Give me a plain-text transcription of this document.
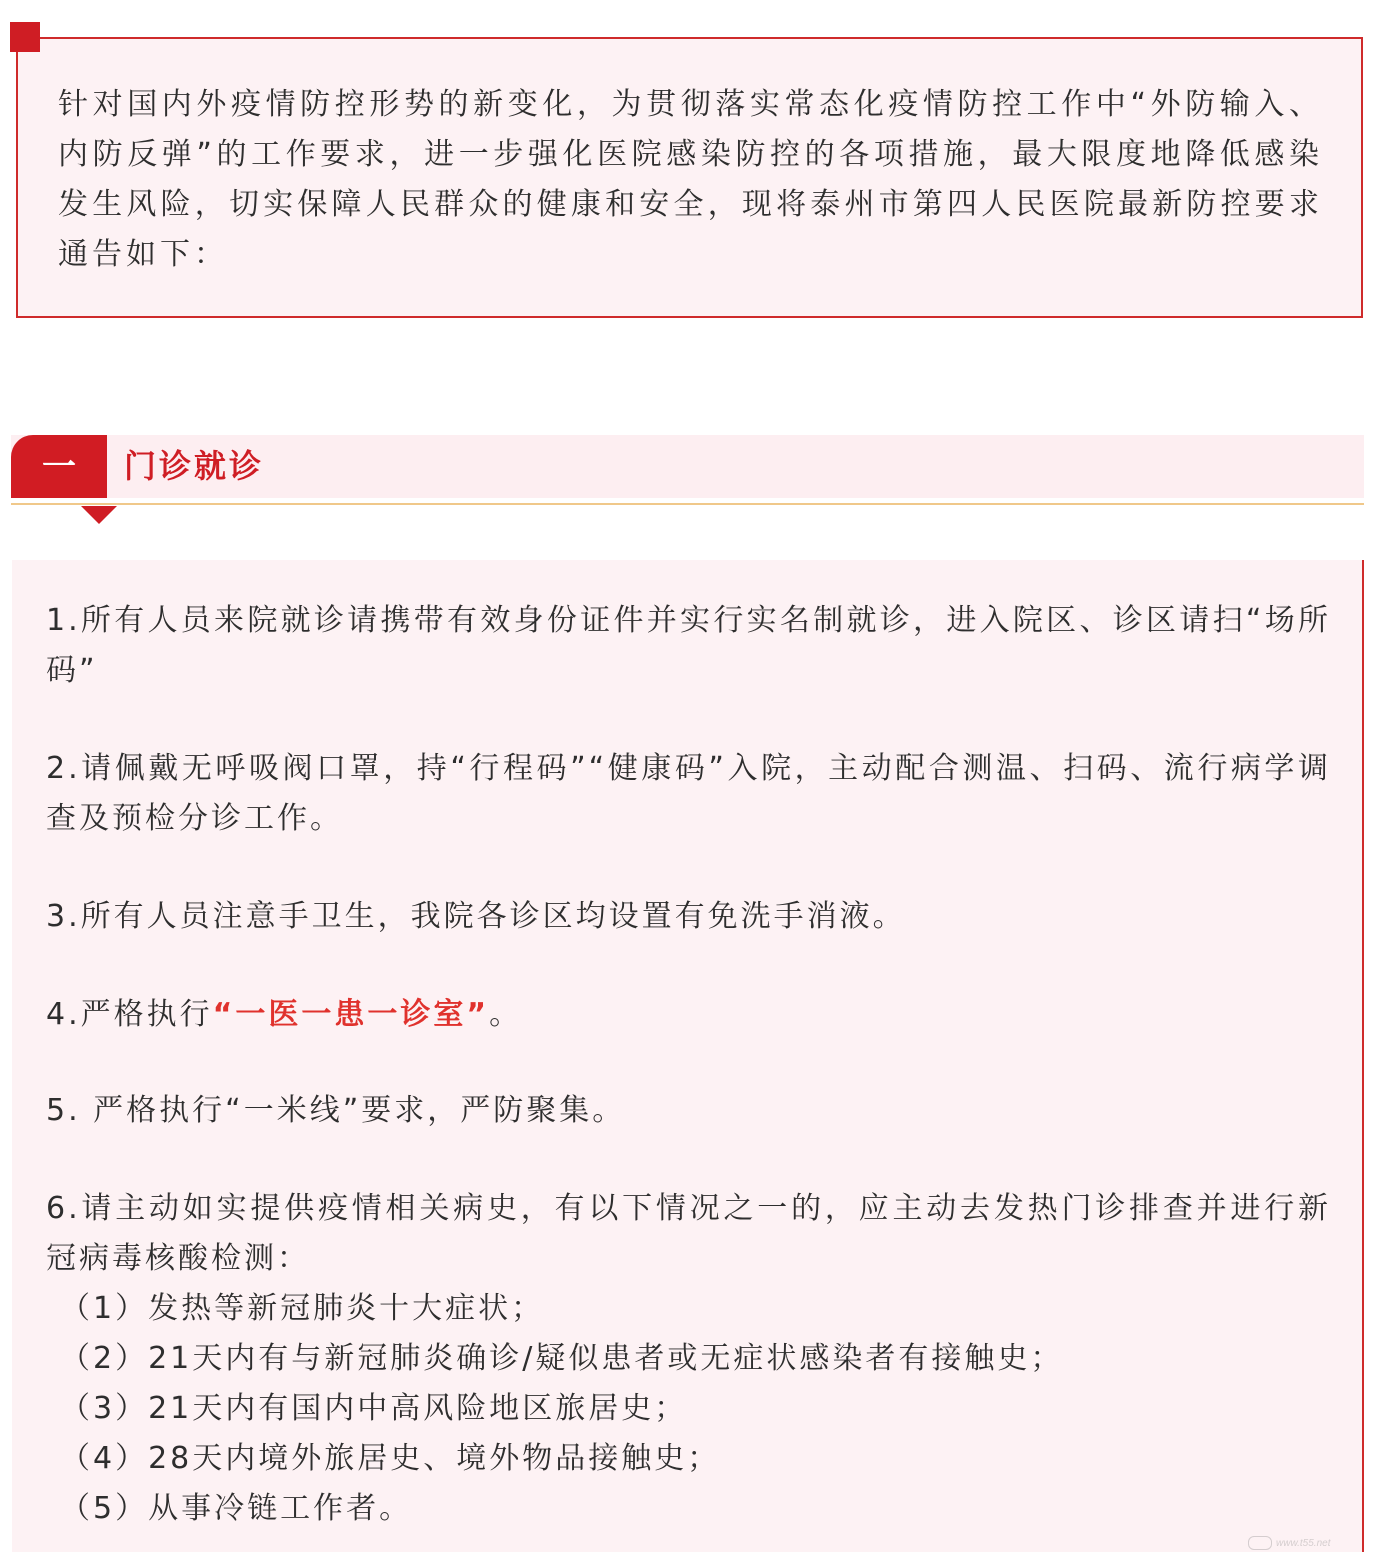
针对国内外疫情防控形势的新变化，为贯彻落实常态化疫情防控工作中“外防输入、内防反弹”的工作要求，进一步强化医院感染防控的各项措施，最大限度地降低感染发生风险，切实保障人民群众的健康和安全，现将泰州市第四人民医院最新防控要求通告如下：

一 门诊就诊

1.所有人员来院就诊请携带有效身份证件并实行实名制就诊，进入院区、诊区请扫“场所码”

2.请佩戴无呼吸阀口罩，持“行程码”“健康码”入院，主动配合测温、扫码、流行病学调查及预检分诊工作。

3.所有人员注意手卫生，我院各诊区均设置有免洗手消液。

4.严格执行“一医一患一诊室”。

5. 严格执行“一米线”要求，严防聚集。

6.请主动如实提供疫情相关病史，有以下情况之一的，应主动去发热门诊排查并进行新冠病毒核酸检测：

（1）发热等新冠肺炎十大症状；

（2）21天内有与新冠肺炎确诊/疑似患者或无症状感染者有接触史；

（3）21天内有国内中高风险地区旅居史；

（4）28天内境外旅居史、境外物品接触史；

（5）从事冷链工作者。

www.t55.net
